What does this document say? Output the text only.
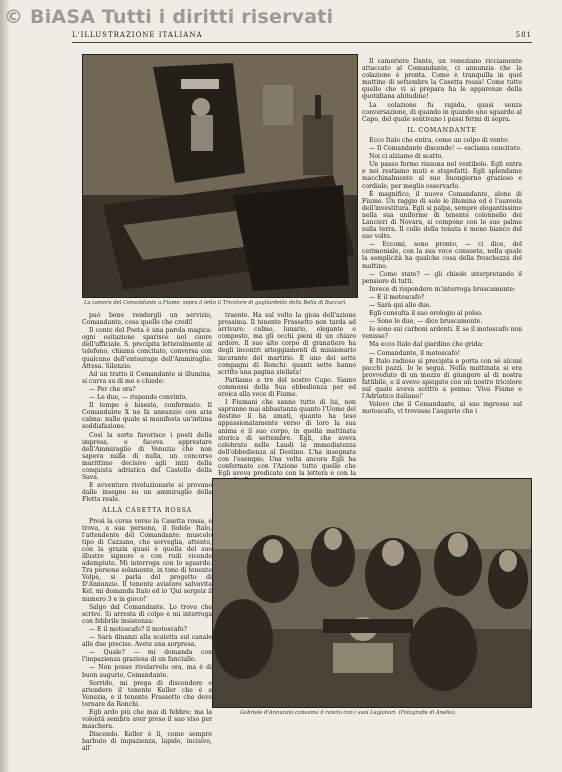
© BiASA Tutti i diritti riservati
L'ILLUSTRAZIONE ITALIANA	581
La camera del Comandante a Fiume: sopra il letto il Tricolore di gagliardetto della Bella di Buccari.

Il cameriere Dante, un veneziano ricciamente attaccato al Comandante, ci annunzia che la colazione è pronta. Come è tranquilla in quel mattino di settembre la Casetta rossa! Come tutto quello che vi si prepara ha le apparenze della quotidiana abitudine!

La colazione fu rapida, quasi senza conversazione, di quando in quando uno sguardo al Capo, del quale sentivano i passi fermi di sopra.

IL COMANDANTE

Ecco Italo che entra, come un colpo di vento:

— Il Comandante discende! — esclama concitato.

Noi ci alziamo di scatto.

Un passo fermo risuona nel vestibolo. Egli entra e noi restiamo muti e stupefatti. Egli splendamo macchinalmente al suo buongiorno grazioso e cordiale, per meglio osservarlo.

È magnifico, il nuovo Comandante, alone di Fiume. Un raggio di sole lo illumina ed è l'aureola dell'investitura. Egli si palpa, sempre elegantissimo nella sua uniforme di tenente colonnello dei Lancieri di Novara, si compone con le sue palme sulla terra. Il collo della tenuta è meno bianco del suo volto.

— Eccomi, sono pronto, — ci dice, del cerimoniale, con la sua voce consueta, nella quale la semplicità ha qualche cosa della freschezza del mattino.

— Come state? — gli chiede interpretando il pensiero di tutti.

Invece di rispondere m'interroga bruscamente:

— E il motoscafo?

— Sarà qui alle due.

Egli consulta il suo orologio al polso.

— Sono le due, — dice bruscamente.

Io sono sui carboni ardenti. E se il motoscafo non venisse?

Ma ecco Italo dal giardino che grida:

— Comandante, il motoscafo!

E Italo radioso si precipita e porta con sé alcuni pacchi pazzi. Io le segua. Nella mattinata si era provveduto di un mezzo di giungere al di nostra fattibile, e il avevo spiegato con un nostro tricolore sul quale aveva scritto a penna: 'Viva Fiume e l'Adriatico italiano!'

Volevo che il Comandante, al suo ingresso sul motoscafo, vi trovasse l'augurio che i

può bene rendergli un servizio, Comandante, cosa quello che credi!

Il conte del Poeta è una parola magica: ogni esitazione sparisce nel cuore dell'ufficiale. S. precipita letteralmente al telefono, chiama concitato, conversa con qualcuno dell'entourage dell'Ammiraglio. Attesa. Silenzio.

Ad un tratto il Comandante si illumina, si curva su di me e chiede:

— Per che ora?

— Le due, — rispondo convinto.

Il tempo è bisesto, confermato. Il Comandante X ne fa annunzio con aria calma: nulle quale si manifesta un'intima soddisfazione.

Così la sorte favorisce i poeti della impresa, e faceva apprestare dell'Ammiraglio di Venezia che non sapeva nulla di nulla, un concorso marittimo decisivo agli inizi della conquista adriatica del Castello della Sava.

E avventure rivoluzionarie si provano dalle insegne su un ammiraglio della Flotta reale.

ALLA CASETTA ROSSA

Presi la corsa verso la Casetta rossa, e trova, a sua persona, il fedele Italo, l'attendente del Comandante: muscolo tipo di Cazzano, che sorveglia, attento, con la grazia quasi è quella del suo illustre signore e con rudi vicende adempiute. Mi interroga con lo sguardo. Tra persone solamente, in tono di tenente Volpe, si parla del progetto di D'Annunzio. Il tenente aviatore salvavita Kel, mi domanda Italo ed io 'Qui sergeix il numero 3 e in gioco!'

Salgo dal Comandante. Lo trovo che scrive. Si arresta di colpo e mi interroga con febbrile insistenza:

— E il motoscafo? il motoscafo?

— Sarà dinanzi alla scaletta sul canale alle due precise. Avete una sorpresa.

— Quale? — mi domanda con l'impazienza graziosa di un fanciullo.

— Non posso rivelarvelo ora, ma è di buon augurio, Comandante.

Sorride, mi prega di discendere e attendere il tenente Keller che è a Venezia, e il tenente Frassetto che deve tornare da Ronchi.

Egli ardo più che mai di febbre: ma la volontà sembra aver preso il suo viso per maschera.

Discendo. Keller è lì, come sempre barbuto di impazienza, lapido, incisivo, all'

traente. Ha sul volto la gioia dell'azione prossima. Il tenente Frassetto non tarda ad arrivare: calmo, lunario, elegante e composto, ma gli occhi pieni di un chiaro ardore. Il suo alto corpo di granatiere ha degli incontri atteggiamenti di missionario incurante del martirio. È uno dei sette compagni di Ronchi: quanti sette hanno scritto una pagina stellata!

Parliamo a tre del nostro Capo. Siamo commossi della Sua obbedienza per ed eroica alla voce di Fiume.

I Fiumani che sanno tutto di lui, non sapranno mai abbastanza quanto l'Uomo del destino li ha amati, quanto ha teso appassionatamente verso di loro la sua anima e il suo corpo, in quella mattinata storica di settembre. Egli, che aveva celebrato nelle Laudi la immediatezza dell'obbedienza al Destino. L'ha insegnata con l'esempio. Una volta ancora Egli ha confermato con l'Azione tutto quello che Egli aveva predicato con la lettera e con la

Gabriele d'Annunzio consuma il rancio con i suoi Legionari. (Fotografie di Anelio).
